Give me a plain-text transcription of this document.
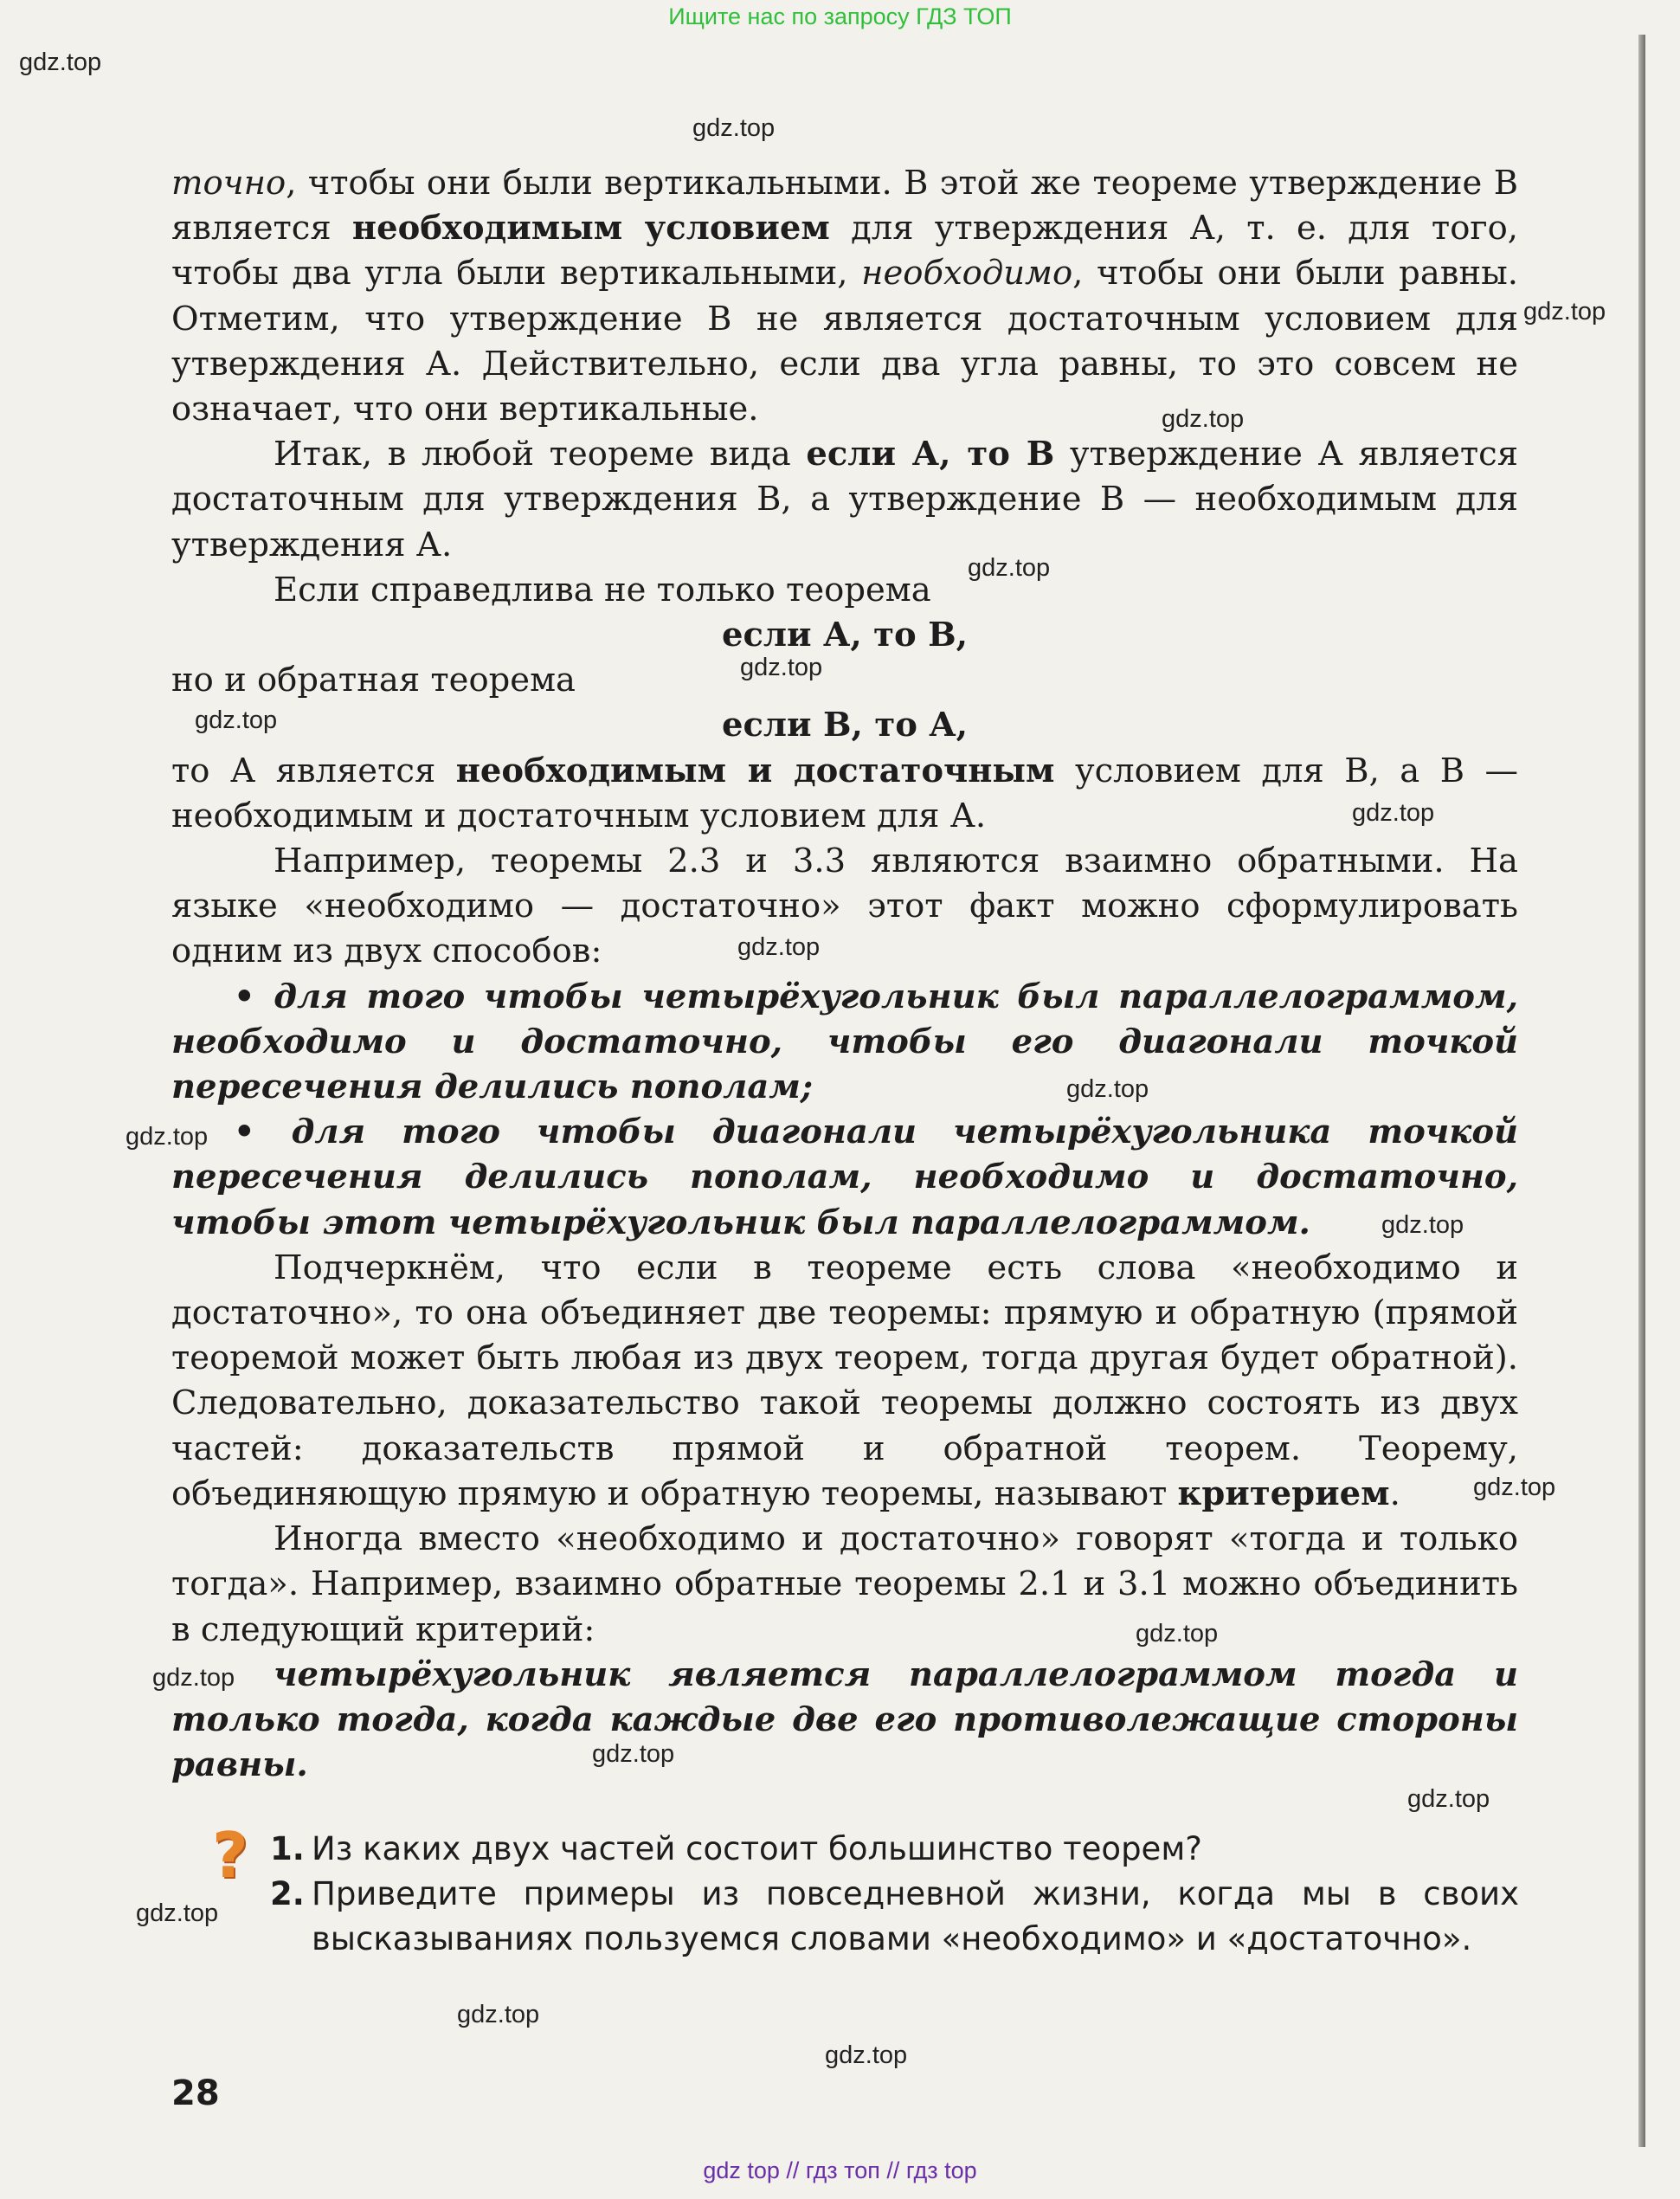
Ищите нас по запросу ГДЗ ТОП

точно, чтобы они были вертикальными. В этой же теореме утверждение В является необходимым условием для утверждения А, т. е. для того, чтобы два угла были вертикальными, необходимо, чтобы они были равны. Отметим, что утверждение В не является достаточным условием для утверждения А. Действительно, если два угла равны, то это совсем не означает, что они вертикальные.

Итак, в любой теореме вида если А, то В утверждение А является достаточным для утверждения В, а утверждение В — необходимым для утверждения А.

Если справедлива не только теорема

если А, то В,

но и обратная теорема

если В, то А,

то А является необходимым и достаточным условием для В, а В — необходимым и достаточным условием для А.

Например, теоремы 2.3 и 3.3 являются взаимно обратными. На языке «необходимо — достаточно» этот факт можно сформулировать одним из двух способов:

• для того чтобы четырёхугольник был параллелограммом, необходимо и достаточно, чтобы его диагонали точкой пересечения делились пополам;

• для того чтобы диагонали четырёхугольника точкой пересечения делились пополам, необходимо и достаточно, чтобы этот четырёхугольник был параллелограммом.

Подчеркнём, что если в теореме есть слова «необходимо и достаточно», то она объединяет две теоремы: прямую и обратную (прямой теоремой может быть любая из двух теорем, тогда другая будет обратной). Следовательно, доказательство такой теоремы должно состоять из двух частей: доказательств прямой и обратной теорем. Теорему, объединяющую прямую и обратную теоремы, называют критерием.

Иногда вместо «необходимо и достаточно» говорят «тогда и только тогда». Например, взаимно обратные теоремы 2.1 и 3.1 можно объединить в следующий критерий:

четырёхугольник является параллелограммом тогда и только тогда, когда каждые две его противолежащие стороны равны.

? 1. Из каких двух частей состоит большинство теорем?
2. Приведите примеры из повседневной жизни, когда мы в своих высказываниях пользуемся словами «необходимо» и «достаточно».
28
gdz.top
gdz.top
gdz.top
gdz.top
gdz.top
gdz.top
gdz.top
gdz.top
gdz.top
gdz.top
gdz.top
gdz.top
gdz.top
gdz.top
gdz.top
gdz.top
gdz.top
gdz.top
gdz.top
gdz.top
gdz top // гдз топ // гдз top
